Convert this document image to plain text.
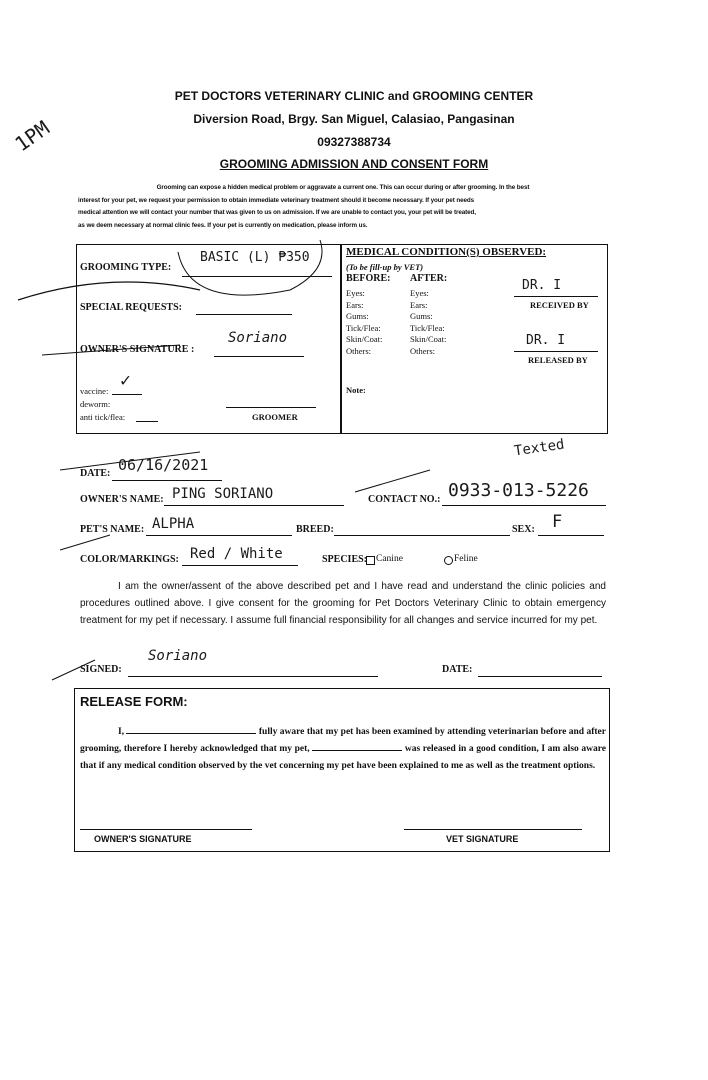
1PM
PET DOCTORS VETERINARY CLINIC and GROOMING CENTER
Diversion Road, Brgy. San Miguel, Calasiao, Pangasinan
09327388734
GROOMING ADMISSION AND CONSENT FORM
Grooming can expose a hidden medical problem or aggravate a current one. This can occur during or after grooming. In the best
interest for your pet, we request your permission to obtain immediate veterinary treatment should it become necessary. If your pet needs
medical attention we will contact your number that was given to us on admission. If we are unable to contact you, your pet will be treated,
as we deem necessary at normal clinic fees. If your pet is currently on medication, please inform us.
GROOMING TYPE:
BASIC (L) ₱350
SPECIAL REQUESTS:
OWNER'S SIGNATURE :
Soriano
vaccine: ✓
deworm:
anti tick/flea:	GROOMER
MEDICAL CONDITION(S) OBSERVED:
(To be fill-up by VET)
BEFORE: AFTER:
Eyes:	Eyes:
Ears:	Ears:
Gums:	Gums:
Tick/Flea:	Tick/Flea:
Skin/Coat:	Skin/Coat:
Others:	Others:
DR. I
RECEIVED BY
DR. I
RELEASED BY
Note:
Texted
DATE: 06/16/2021
OWNER'S NAME: PING SORIANO	CONTACT NO.: 0933-013-5226
PET'S NAME: ALPHA	BREED:	SEX: F
COLOR/MARKINGS: Red / White	SPECIES: Canine	Feline
I am the owner/assent of the above described pet and I have read and understand the clinic policies and procedures outlined above. I give consent for the grooming for Pet Doctors Veterinary Clinic to obtain emergency treatment for my pet if necessary. I assume full financial responsibility for all changes and service incurred for my pet.
SIGNED:
Soriano
DATE:
RELEASE FORM:
I,	fully aware that my pet has been examined by attending veterinarian before and after grooming, therefore I hereby acknowledged that my pet,	was released in a good condition, I am also aware that if any medical condition observed by the vet concerning my pet have been explained to me as well as the treatment options.
OWNER'S SIGNATURE	VET SIGNATURE
